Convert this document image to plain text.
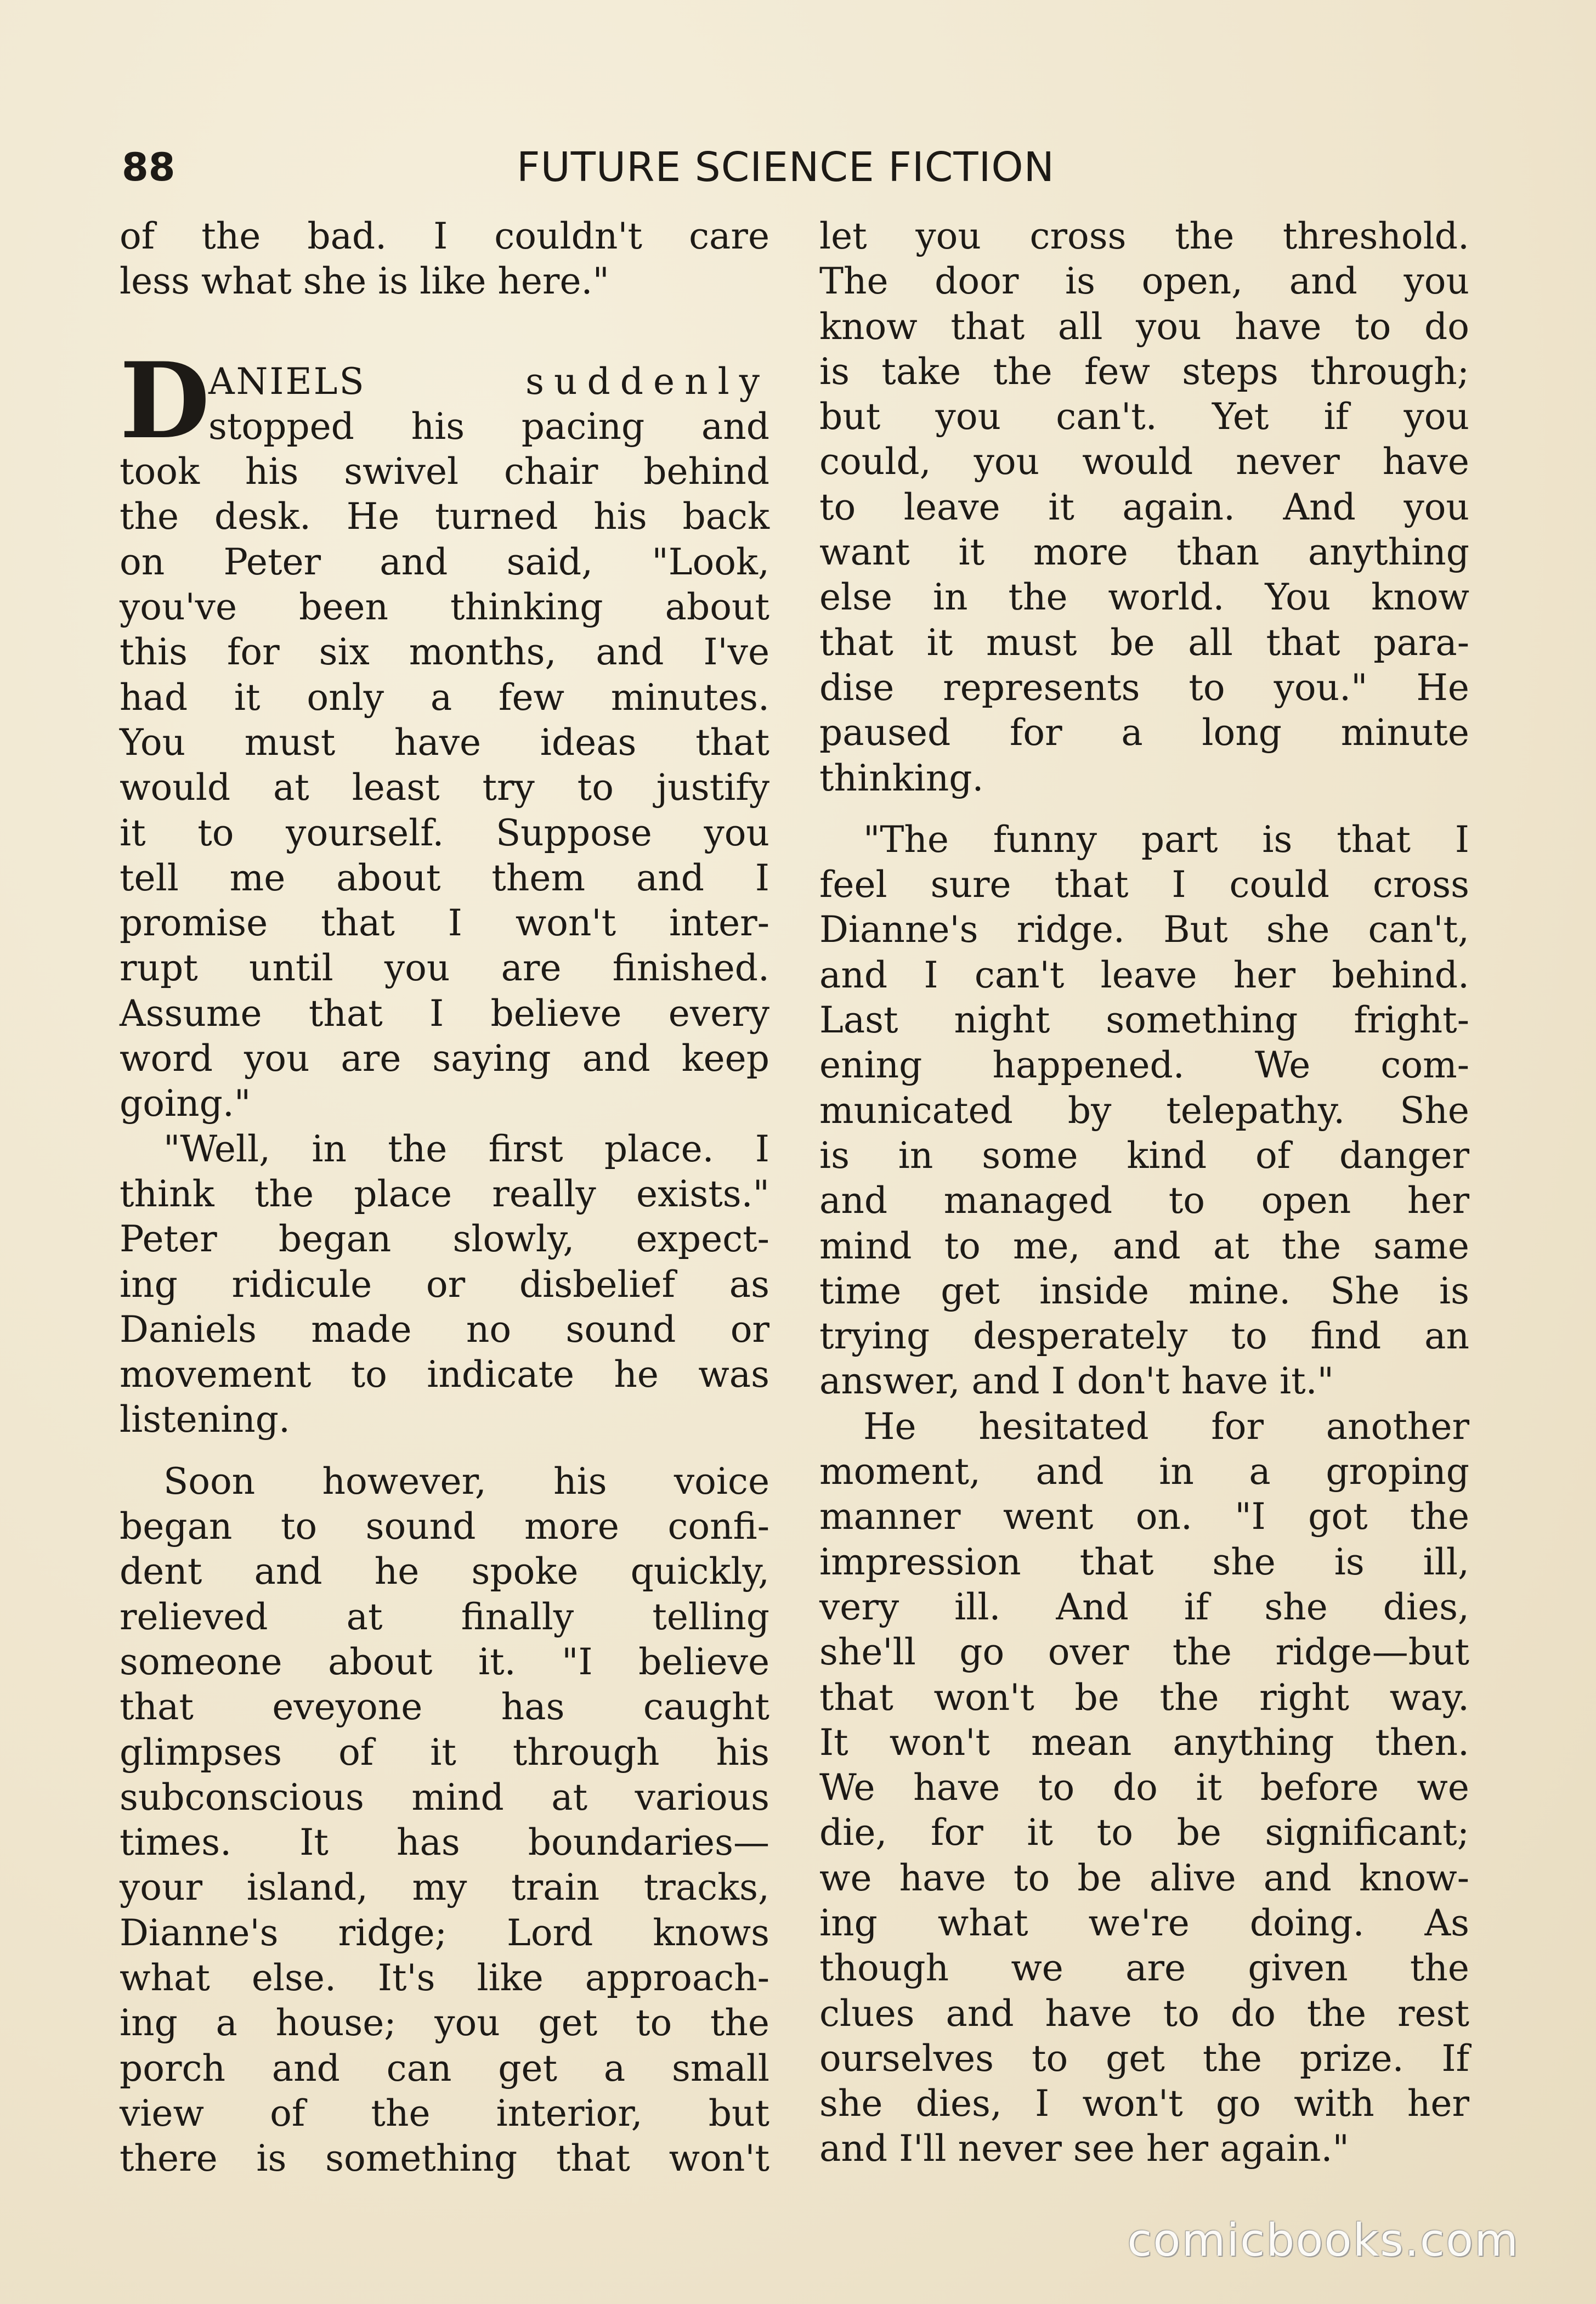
88	FUTURE SCIENCE FICTION
of the bad. I couldn't care
less what she is like here."
D
ANIELS	suddenly
stopped his pacing and
took his swivel chair behind
the desk. He turned his back
on Peter and said, "Look,
you've been thinking about
this for six months, and I've
had it only a few minutes.
You must have ideas that
would at least try to justify
it to yourself. Suppose you
tell me about them and I
promise that I won't inter-
rupt until you are finished.
Assume that I believe every
word you are saying and keep
going."
"Well, in the first place. I
think the place really exists."
Peter began slowly, expect-
ing ridicule or disbelief as
Daniels made no sound or
movement to indicate he was
listening.
Soon however, his voice
began to sound more confi-
dent and he spoke quickly,
relieved at finally telling
someone about it. "I believe
that eveyone has caught
glimpses of it through his
subconscious mind at various
times. It has boundaries—
your island, my train tracks,
Dianne's ridge; Lord knows
what else. It's like approach-
ing a house; you get to the
porch and can get a small
view of the interior, but
there is something that won't
let you cross the threshold.
The door is open, and you
know that all you have to do
is take the few steps through;
but you can't. Yet if you
could, you would never have
to leave it again. And you
want it more than anything
else in the world. You know
that it must be all that para-
dise represents to you." He
paused for a long minute
thinking.
"The funny part is that I
feel sure that I could cross
Dianne's ridge. But she can't,
and I can't leave her behind.
Last night something fright-
ening happened. We com-
municated by telepathy. She
is in some kind of danger
and managed to open her
mind to me, and at the same
time get inside mine. She is
trying desperately to find an
answer, and I don't have it."
He hesitated for another
moment, and in a groping
manner went on. "I got the
impression that she is ill,
very ill. And if she dies,
she'll go over the ridge—but
that won't be the right way.
It won't mean anything then.
We have to do it before we
die, for it to be significant;
we have to be alive and know-
ing what we're doing. As
though we are given the
clues and have to do the rest
ourselves to get the prize. If
she dies, I won't go with her
and I'll never see her again."
comicbooks.com
